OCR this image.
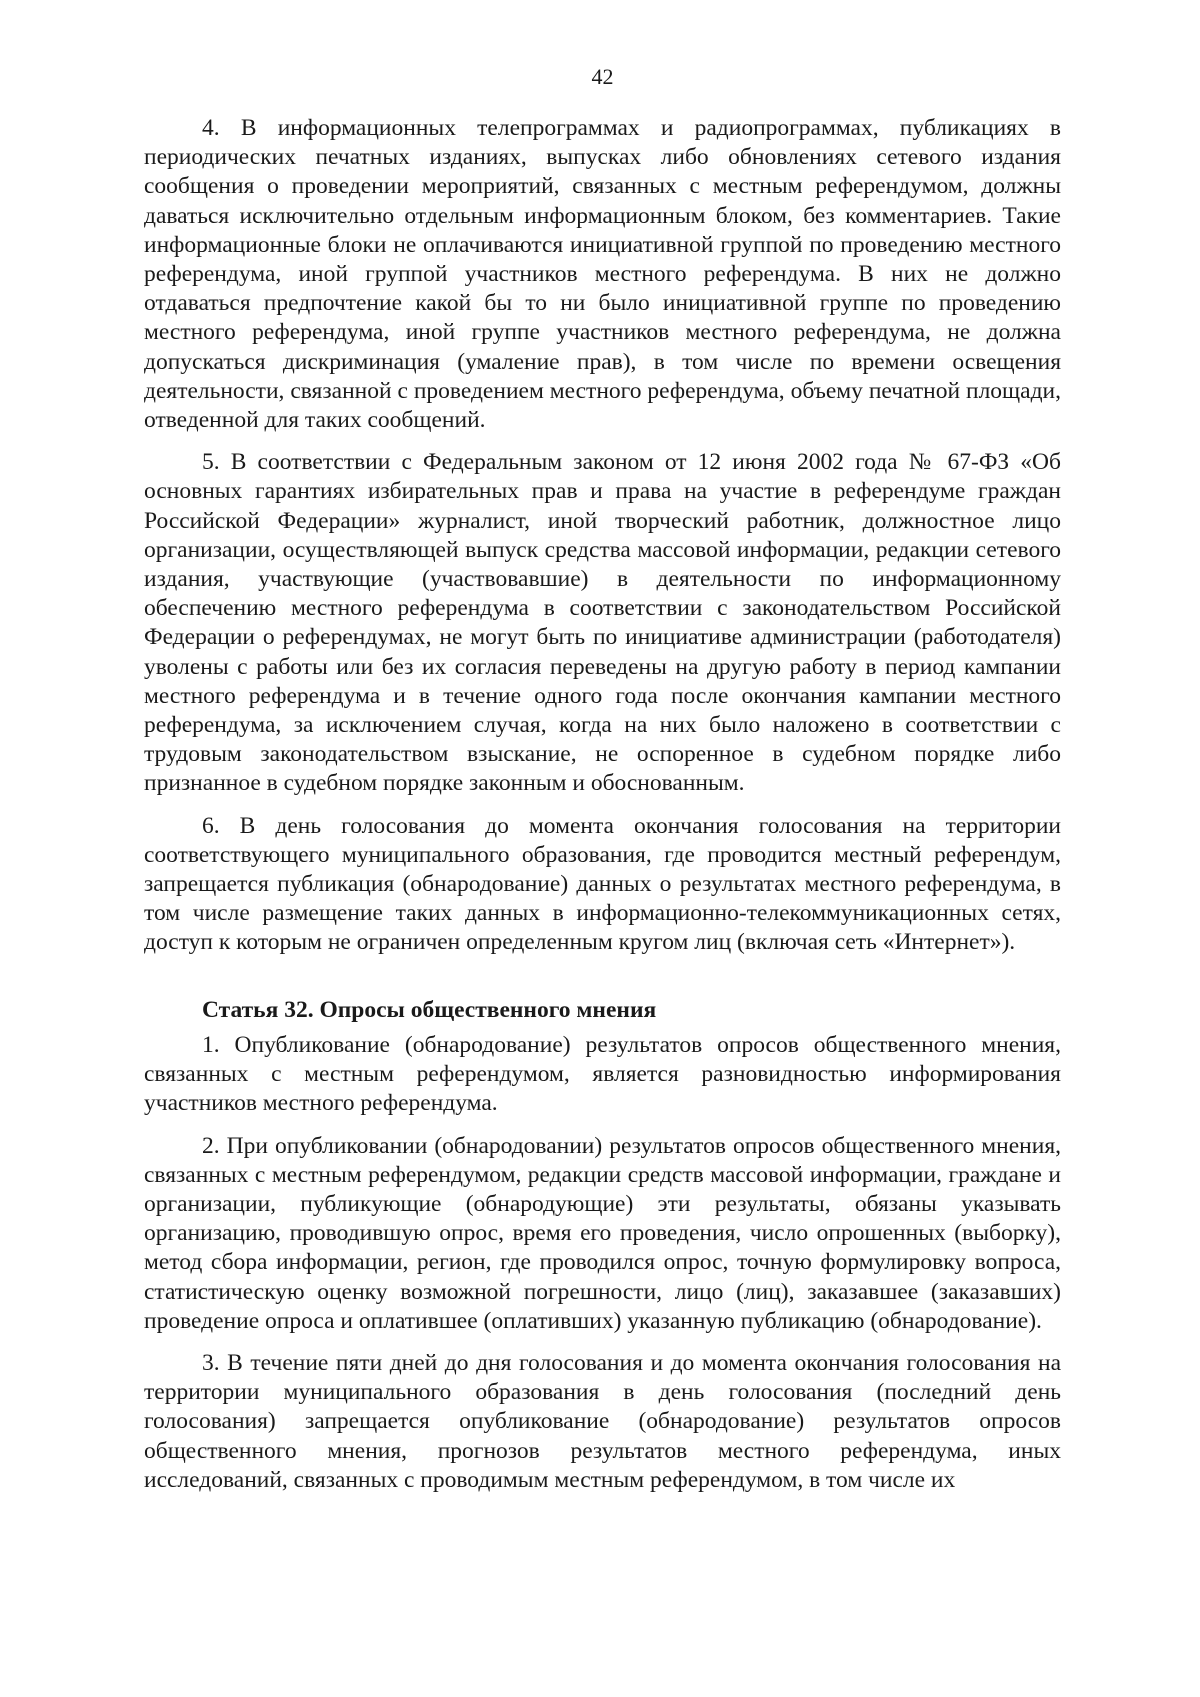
42

4. В информационных телепрограммах и радиопрограммах, публикациях в периодических печатных изданиях, выпусках либо обновлениях сетевого издания сообщения о проведении мероприятий, связанных с местным референдумом, должны даваться исключительно отдельным информационным блоком, без комментариев. Такие информационные блоки не оплачиваются инициативной группой по проведению местного референдума, иной группой участников местного референдума. В них не должно отдаваться предпочтение какой бы то ни было инициативной группе по проведению местного референдума, иной группе участников местного референдума, не должна допускаться дискриминация (умаление прав), в том числе по времени освещения деятельности, связанной с проведением местного референдума, объему печатной площади, отведенной для таких сообщений.

5. В соответствии с Федеральным законом от 12 июня 2002 года № 67-ФЗ «Об основных гарантиях избирательных прав и права на участие в референдуме граждан Российской Федерации» журналист, иной творческий работник, должностное лицо организации, осуществляющей выпуск средства массовой информации, редакции сетевого издания, участвующие (участвовавшие) в деятельности по информационному обеспечению местного референдума в соответствии с законодательством Российской Федерации о референдумах, не могут быть по инициативе администрации (работодателя) уволены с работы или без их согласия переведены на другую работу в период кампании местного референдума и в течение одного года после окончания кампании местного референдума, за исключением случая, когда на них было наложено в соответствии с трудовым законодательством взыскание, не оспоренное в судебном порядке либо признанное в судебном порядке законным и обоснованным.

6. В день голосования до момента окончания голосования на территории соответствующего муниципального образования, где проводится местный референдум, запрещается публикация (обнародование) данных о результатах местного референдума, в том числе размещение таких данных в информационно-телекоммуникационных сетях, доступ к которым не ограничен определенным кругом лиц (включая сеть «Интернет»).

Статья 32. Опросы общественного мнения

1. Опубликование (обнародование) результатов опросов общественного мнения, связанных с местным референдумом, является разновидностью информирования участников местного референдума.

2. При опубликовании (обнародовании) результатов опросов общественного мнения, связанных с местным референдумом, редакции средств массовой информации, граждане и организации, публикующие (обнародующие) эти результаты, обязаны указывать организацию, проводившую опрос, время его проведения, число опрошенных (выборку), метод сбора информации, регион, где проводился опрос, точную формулировку вопроса, статистическую оценку возможной погрешности, лицо (лиц), заказавшее (заказавших) проведение опроса и оплатившее (оплативших) указанную публикацию (обнародование).

3. В течение пяти дней до дня голосования и до момента окончания голосования на территории муниципального образования в день голосования (последний день голосования) запрещается опубликование (обнародование) результатов опросов общественного мнения, прогнозов результатов местного референдума, иных исследований, связанных с проводимым местным референдумом, в том числе их
